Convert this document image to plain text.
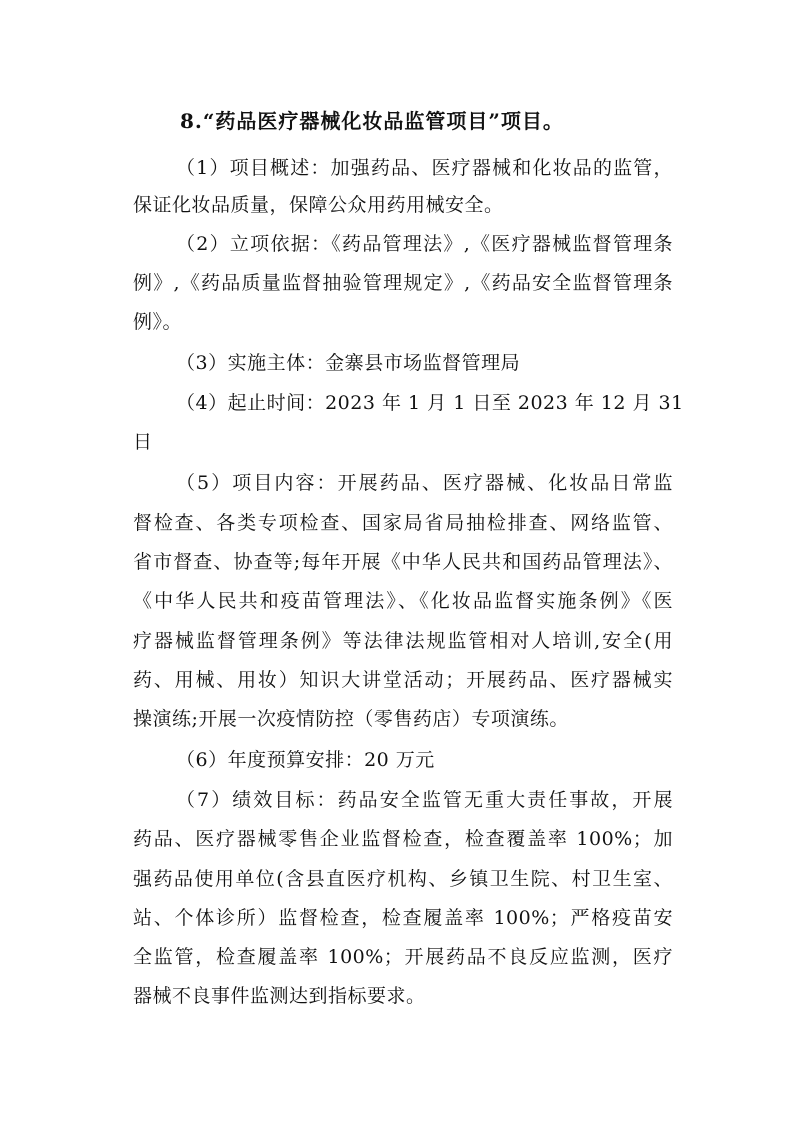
8.“药品医疗器械化妆品监管项目”项目。
（1）项目概述：加强药品、医疗器械和化妆品的监管，
保证化妆品质量，保障公众用药用械安全。
（2）立项依据：《药品管理法》,《医疗器械监督管理条
例》,《药品质量监督抽验管理规定》,《药品安全监督管理条
例》。
（3）实施主体：金寨县市场监督管理局
（4）起止时间：2023 年 1 月 1 日至 2023 年 12 月 31
日
（5）项目内容：开展药品、医疗器械、化妆品日常监
督检查、各类专项检查、国家局省局抽检排查、网络监管、
省市督查、协查等;每年开展《中华人民共和国药品管理法》、
《中华人民共和疫苗管理法》、《化妆品监督实施条例》《医
疗器械监督管理条例》等法律法规监管相对人培训,安全(用
药、用械、用妆）知识大讲堂活动；开展药品、医疗器械实
操演练;开展一次疫情防控（零售药店）专项演练。
（6）年度预算安排：20 万元
（7）绩效目标：药品安全监管无重大责任事故，开展
药品、医疗器械零售企业监督检查，检查覆盖率 100%；加
强药品使用单位(含县直医疗机构、乡镇卫生院、村卫生室、
站、个体诊所）监督检查，检查履盖率 100%；严格疫苗安
全监管，检查履盖率 100%；开展药品不良反应监测，医疗
器械不良事件监测达到指标要求。
